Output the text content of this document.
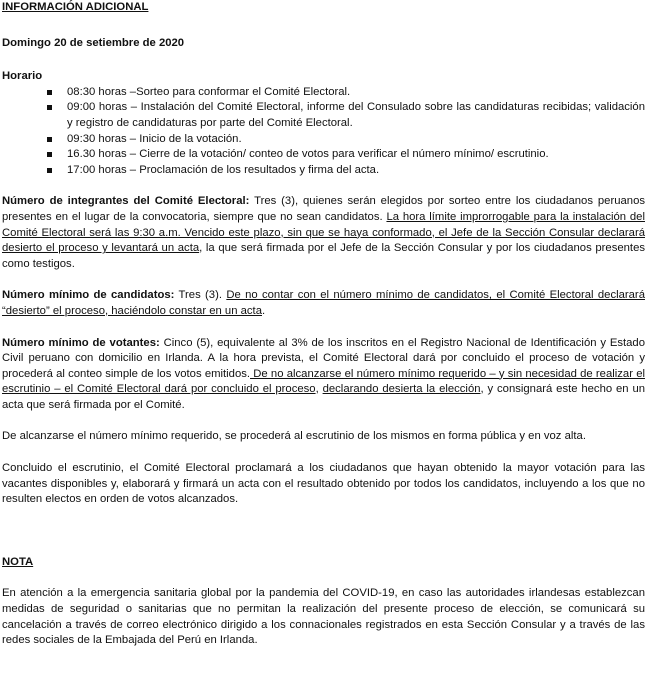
INFORMACIÓN ADICIONAL
Domingo 20 de setiembre de 2020
Horario
08:30 horas –Sorteo para conformar el Comité Electoral.
09:00 horas – Instalación del Comité Electoral, informe del Consulado sobre las candidaturas recibidas; validación y registro de candidaturas por parte del Comité Electoral.
09:30 horas – Inicio de la votación.
16.30 horas – Cierre de la votación/ conteo de votos para verificar el número mínimo/ escrutinio.
17:00 horas – Proclamación de los resultados y firma del acta.

Número de integrantes del Comité Electoral: Tres (3), quienes serán elegidos por sorteo entre los ciudadanos peruanos presentes en el lugar de la convocatoria, siempre que no sean candidatos. La hora límite improrrogable para la instalación del Comité Electoral será las 9:30 a.m. Vencido este plazo, sin que se haya conformado, el Jefe de la Sección Consular declarará desierto el proceso y levantará un acta, la que será firmada por el Jefe de la Sección Consular y por los ciudadanos presentes como testigos.

Número mínimo de candidatos: Tres (3). De no contar con el número mínimo de candidatos, el Comité Electoral declarará “desierto” el proceso, haciéndolo constar en un acta.

Número mínimo de votantes: Cinco (5), equivalente al 3% de los inscritos en el Registro Nacional de Identificación y Estado Civil peruano con domicilio en Irlanda. A la hora prevista, el Comité Electoral dará por concluido el proceso de votación y procederá al conteo simple de los votos emitidos. De no alcanzarse el número mínimo requerido – y sin necesidad de realizar el escrutinio – el Comité Electoral dará por concluido el proceso, declarando desierta la elección, y consignará este hecho en un acta que será firmada por el Comité.

De alcanzarse el número mínimo requerido, se procederá al escrutinio de los mismos en forma pública y en voz alta.

Concluido el escrutinio, el Comité Electoral proclamará a los ciudadanos que hayan obtenido la mayor votación para las vacantes disponibles y, elaborará y firmará un acta con el resultado obtenido por todos los candidatos, incluyendo a los que no resulten electos en orden de votos alcanzados.

NOTA

En atención a la emergencia sanitaria global por la pandemia del COVID-19, en caso las autoridades irlandesas establezcan medidas de seguridad o sanitarias que no permitan la realización del presente proceso de elección, se comunicará su cancelación a través de correo electrónico dirigido a los connacionales registrados en esta Sección Consular y a través de las redes sociales de la Embajada del Perú en Irlanda.
